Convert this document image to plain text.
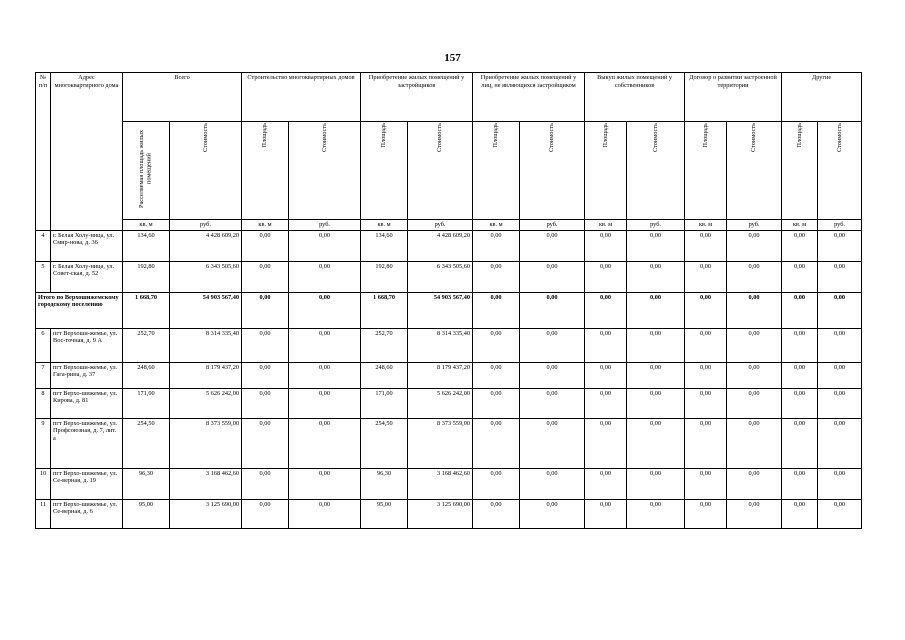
157
№ п/п	Адрес многоквартирного дома	Всего		Строительство многоквартирных домов		Приобретение жилых помещений у застройщиков		Приобретение жилых помещений у лиц, не являющихся застройщиком		Выкуп жилых помещений у собственников		Договор о развитии застроенной территории		Другие	
		Расселяемая площадь жилых помещений	Стоимость	Площадь	Стоимость	Площадь	Стоимость	Площадь	Стоимость	Площадь	Стоимость	Площадь	Стоимость	Площадь	Стоимость
		кв. м	руб.	кв. м	руб.	кв. м	руб.	кв. м	руб.	кв. м	руб.	кв. м	руб.	кв. м	руб.
4	г. Белая Холу-ница, ул. Смир-нова, д. 36	134,60	4 428 609,20	0,00	0,00	134,60	4 428 609,20	0,00	0,00	0,00	0,00	0,00	0,00	0,00	0,00
5	г. Белая Холу-ница, ул. Совет-ская, д. 52	192,80	6 343 505,60	0,00	0,00	192,80	6 343 505,60	0,00	0,00	0,00	0,00	0,00	0,00	0,00	0,00
Итого по Верхошижемскому городскому поселению		1 668,70	54 903 567,40	0,00	0,00	1 668,70	54 903 567,40	0,00	0,00	0,00	0,00	0,00	0,00	0,00	0,00
6	пгт Верхоши-жемье, ул. Вос-точная, д. 9 А	252,70	8 314 335,40	0,00	0,00	252,70	8 314 335,40	0,00	0,00	0,00	0,00	0,00	0,00	0,00	0,00
7	пгт Верхоши-жемье, ул. Гага-рина, д. 37	248,60	8 179 437,20	0,00	0,00	248,60	8 179 437,20	0,00	0,00	0,00	0,00	0,00	0,00	0,00	0,00
8	пгт Верхо-шижемье, ул. Кирова, д. 81	171,00	5 626 242,00	0,00	0,00	171,00	5 626 242,00	0,00	0,00	0,00	0,00	0,00	0,00	0,00	0,00
9	пгт Верхо-шижемье, ул. Профсоюзная, д. 7, лит. а	254,50	8 373 559,00	0,00	0,00	254,50	8 373 559,00	0,00	0,00	0,00	0,00	0,00	0,00	0,00	0,00
10	пгт Верхо-шижемье, ул. Се-верная, д. 19	96,30	3 168 462,60	0,00	0,00	96,30	3 168 462,60	0,00	0,00	0,00	0,00	0,00	0,00	0,00	0,00
11	пгт Верхо-шижемье, ул. Се-верная, д. 6	95,00	3 125 690,00	0,00	0,00	95,00	3 125 690,00	0,00	0,00	0,00	0,00	0,00	0,00	0,00	0,00
